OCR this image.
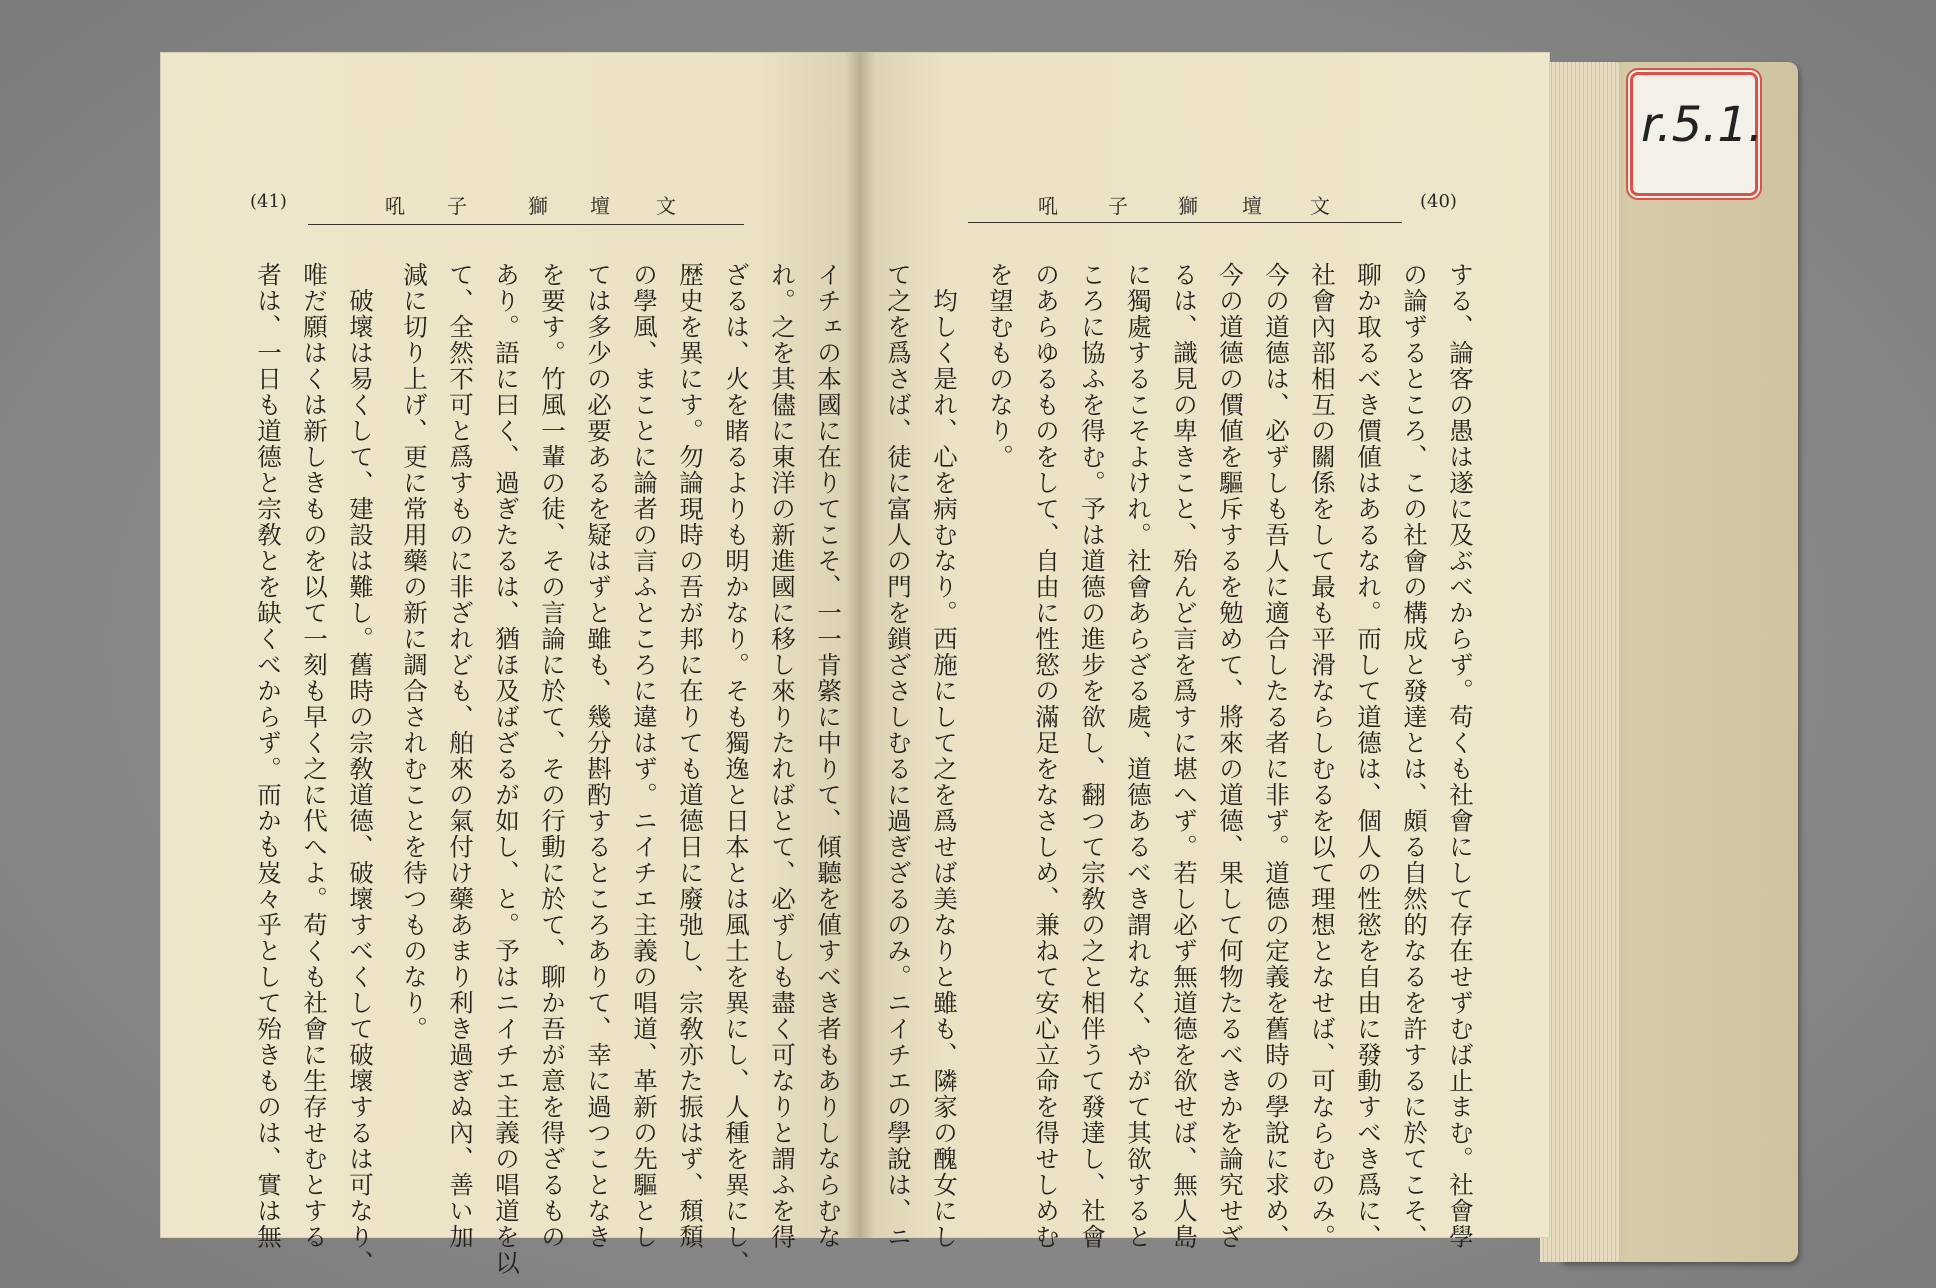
(41)	吼 子	獅 壇 文	吼	子	獅 壇 文	(40)
イチェの本國に在りてこそ、一一肯綮に中りて、傾聽を値すべき者もありしならむな
れ。之を其儘に東洋の新進國に移し來りたればとて、必ずしも盡く可なりと謂ふを得
ざるは、火を睹るよりも明かなり。そも獨逸と日本とは風土を異にし、人種を異にし、
歴史を異にす。勿論現時の吾が邦に在りても道德日に廢弛し、宗敎亦た振はず、頹頽
の學風、まことに論者の言ふところに違はず。ニイチエ主義の唱道、革新の先驅とし
ては多少の必要あるを疑はずと雖も、幾分斟酌するところありて、幸に過つことなき
を要す。竹風一輩の徒、その言論に於て、その行動に於て、聊か吾が意を得ざるもの
あり。語に曰く、過ぎたるは、猶ほ及ばざるが如し、と。予はニイチエ主義の唱道を以
て、全然不可と爲すものに非ざれども、舶來の氣付け藥あまり利き過ぎぬ內、善い加
減に切り上げ、更に常用藥の新に調合されむことを待つものなり。
破壞は易くして、建設は難し。舊時の宗敎道德、破壞すべくして破壞するは可なり、
唯だ願はくは新しきものを以て一刻も早く之に代へよ。苟くも社會に生存せむとする
者は、一日も道德と宗敎とを缺くべからず。而かも岌々乎として殆きものは、實は無	する、論客の愚は遂に及ぶべからず。苟くも社會にして存在せずむば止まむ。社會學
の論ずるところ、この社會の構成と發達とは、頗る自然的なるを許するに於てこそ、
聊か取るべき價値はあるなれ。而して道德は、個人の性慾を自由に發動すべき爲に、
社會內部相互の關係をして最も平滑ならしむるを以て理想となせば、可ならむのみ。
今の道德は、必ずしも吾人に適合したる者に非ず。道德の定義を舊時の學說に求め、
今の道德の價値を驅斥するを勉めて、將來の道德、果して何物たるべきかを論究せざ
るは、識見の卑きこと、殆んど言を爲すに堪へず。若し必ず無道德を欲せば、無人島
に獨處するこそよけれ。社會あらざる處、道德あるべき謂れなく、やがて其欲すると
ころに協ふを得む。予は道德の進步を欲し、翻つて宗敎の之と相伴うて發達し、社會
のあらゆるものをして、自由に性慾の滿足をなさしめ、兼ねて安心立命を得せしめむ
を望むものなり。
均しく是れ、心を病むなり。西施にして之を爲せば美なりと雖も、隣家の醜女にし
て之を爲さば、徒に富人の門を鎖ざさしむるに過ぎざるのみ。ニイチエの學說は、ニ
r.5.1.
